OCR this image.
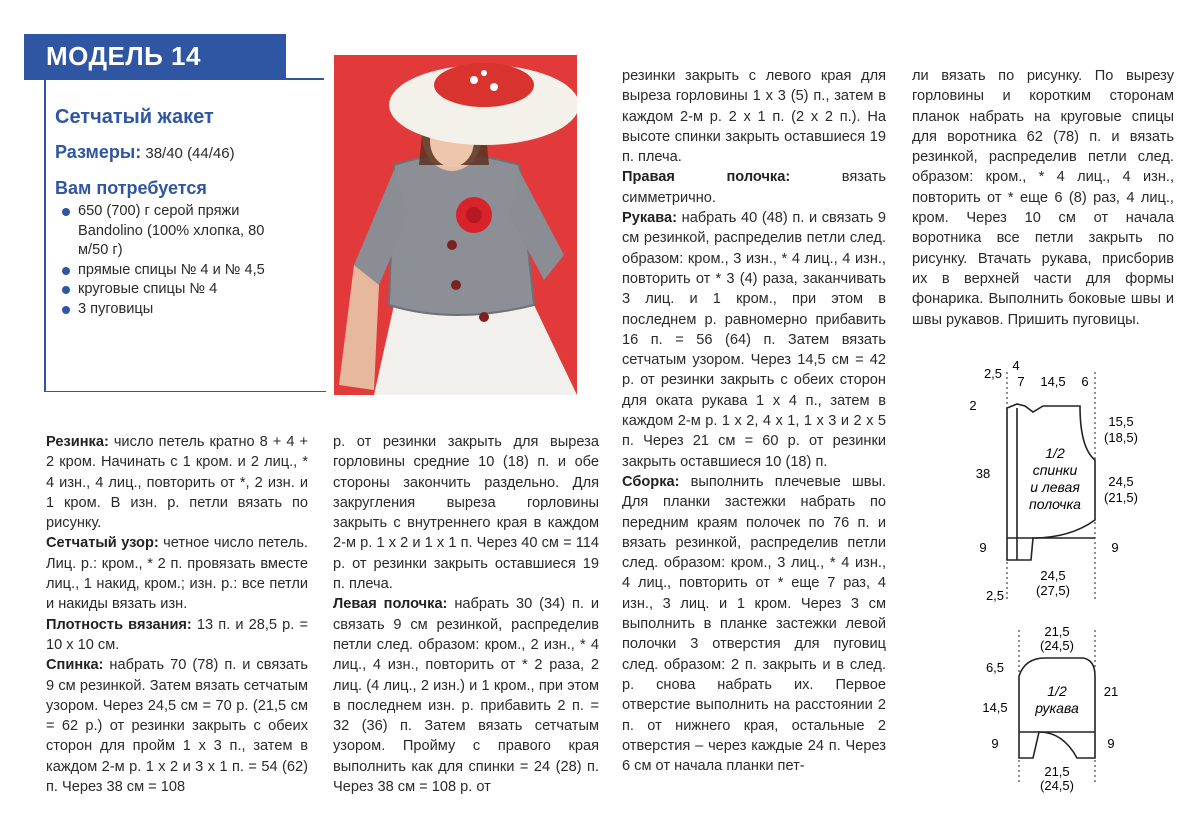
МОДЕЛЬ 14
Сетчатый жакет
Размеры: 38/40 (44/46)
Вам потребуется
650 (700) г серой пряжи Bandolino (100% хлопка, 80 м/50 г)
прямые спицы № 4 и № 4,5
круговые спицы № 4
3 пуговицы
Резинка: число петель кратно 8 + 4 + 2 кром. Начинать с 1 кром. и 2 лиц., * 4 изн., 4 лиц., повторить от *, 2 изн. и 1 кром. В изн. р. петли вязать по рисунку.
Сетчатый узор: четное число петель. Лиц. р.: кром., * 2 п. провязать вместе лиц., 1 накид, кром.; изн. р.: все петли и накиды вязать изн.
Плотность вязания: 13 п. и 28,5 р. = 10 х 10 см.
Спинка: набрать 70 (78) п. и связать 9 см резинкой. Затем вязать сетчатым узором. Через 24,5 см = 70 р. (21,5 см = 62 р.) от резинки закрыть с обеих сторон для пройм 1 х 3 п., затем в каждом 2-м р. 1 х 2 и 3 х 1 п. = 54 (62) п. Через 38 см = 108
р. от резинки закрыть для выреза горловины средние 10 (18) п. и обе стороны закончить раздельно. Для закругления выреза горловины закрыть с внутреннего края в каждом 2-м р. 1 х 2 и 1 х 1 п. Через 40 см = 114 р. от резинки закрыть оставшиеся 19 п. плеча.
Левая полочка: набрать 30 (34) п. и связать 9 см резинкой, распределив петли след. образом: кром., 2 изн., * 4 лиц., 4 изн., повторить от * 2 раза, 2 лиц. (4 лиц., 2 изн.) и 1 кром., при этом в последнем изн. р. прибавить 2 п. = 32 (36) п. Затем вязать сетчатым узором. Пройму с правого края выполнить как для спинки = 24 (28) п. Через 38 см = 108 р. от
резинки закрыть с левого края для выреза горловины 1 х 3 (5) п., затем в каждом 2-м р. 2 х 1 п. (2 х 2 п.). На высоте спинки закрыть оставшиеся 19 п. плеча.
Правая полочка: вязать симметрично.
Рукава: набрать 40 (48) п. и связать 9 см резинкой, распределив петли след. образом: кром., 3 изн., * 4 лиц., 4 изн., повторить от * 3 (4) раза, заканчивать 3 лиц. и 1 кром., при этом в последнем р. равномерно прибавить 16 п. = 56 (64) п. Затем вязать сетчатым узором. Через 14,5 см = 42 р. от резинки закрыть с обеих сторон для оката рукава 1 х 4 п., затем в каждом 2-м р. 1 х 2, 4 х 1, 1 х 3 и 2 х 5 п. Через 21 см = 60 р. от резинки закрыть оставшиеся 10 (18) п.
Сборка: выполнить плечевые швы. Для планки застежки набрать по передним краям полочек по 76 п. и вязать резинкой, распределив петли след. образом: кром., 3 лиц., * 4 изн., 4 лиц., повторить от * еще 7 раз, 4 изн., 3 лиц. и 1 кром. Через 3 см выполнить в планке застежки левой полочки 3 отверстия для пуговиц след. образом: 2 п. закрыть и в след. р. снова набрать их. Первое отверстие выполнить на расстоянии 2 п. от нижнего края, остальные 2 отверстия – через каждые 24 п. Через 6 см от начала планки пет-
ли вязать по рисунку. По вырезу горловины и коротким сторонам планок набрать на круговые спицы для воротника 62 (78) п. и вязать резинкой, распределив петли след. образом: кром., * 4 лиц., 4 изн., повторить от * еще 6 (8) раз, 4 лиц., кром. Через 10 см от начала воротника все петли закрыть по рисунку. Втачать рукава, присборив их в верхней части для формы фонарика. Выполнить боковые швы и швы рукавов. Пришить пуговицы.
2,5
4
7 14,5 6
2
38
9
15,5
(18,5)
24,5
(21,5)
9
24,5
(27,5)
2,5
1/2
спинки
и левая
полочка
21,5
(24,5)
6,5
14,5
9
21
9
21,5
(24,5)
1/2
рукава
